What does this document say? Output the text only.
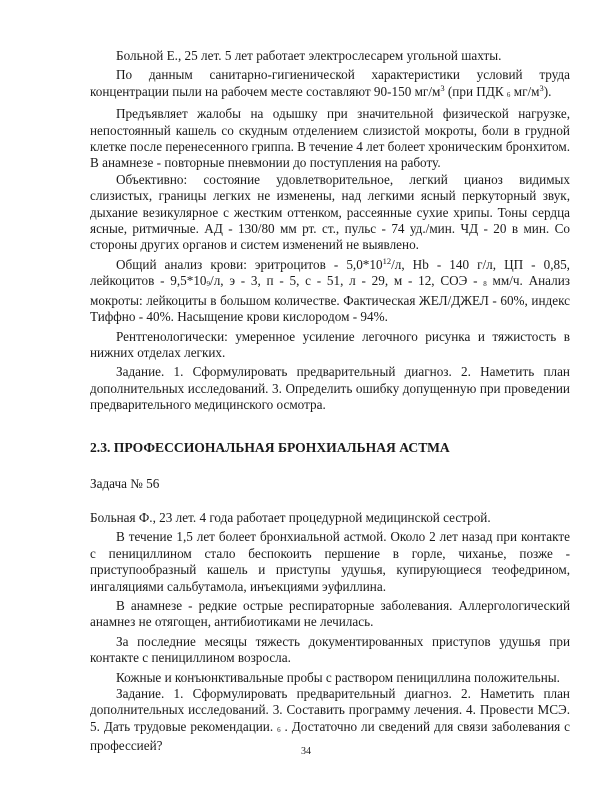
Больной Е., 25 лет. 5 лет работает электрослесарем угольной шахты.

По данным санитарно-гигиенической характеристики условий труда концентрации пыли на рабочем месте составляют 90-150 $мг/м^3$ (при ПДК 6 $мг/м^3$).

Предъявляет жалобы на одышку при значительной физической нагрузке, непостоянный кашель со скудным отделением слизистой мокроты, боли в грудной клетке после перенесенного гриппа. В течение 4 лет болеет хроническим бронхитом. В анамнезе - повторные пневмонии до поступления на работу.

Объективно: состояние удовлетворительное, легкий цианоз видимых слизистых, границы легких не изменены, над легкими ясный перкуторный звук, дыхание везикулярное с жестким оттенком, рассеянные сухие хрипы. Тоны сердца ясные, ритмичные. АД - 130/80 мм рт. ст., пульс - 74 уд./мин. ЧД - 20 в мин. Со стороны других органов и систем изменений не выявлено.

Общий анализ крови: эритроцитов - $5,0*10^{12}/л$, Hb - 140 г/л, ЦП - 0,85, лейкоцитов - 9,5*109/л, э - 3, п - 5, с - 51, л - 29, м - 12, СОЭ - 8 мм/ч. Анализ мокроты: лейкоциты в большом количестве. Фактическая ЖЕЛ/ДЖЕЛ - 60%, индекс Тиффно - 40%. Насыщение крови кислородом - 94%.

Рентгенологически: умеренное усиление легочного рисунка и тяжистость в нижних отделах легких.

Задание. 1. Сформулировать предварительный диагноз. 2. Наметить план дополнительных исследований. 3. Определить ошибку допущенную при проведении предварительного медицинского осмотра.

2.3. ПРОФЕССИОНАЛЬНАЯ БРОНХИАЛЬНАЯ АСТМА

Задача № 56

Больная Ф., 23 лет. 4 года работает процедурной медицинской сестрой.

В течение 1,5 лет болеет бронхиальной астмой. Около 2 лет назад при контакте с пенициллином стало беспокоить першение в горле, чиханье, позже - приступообразный кашель и приступы удушья, купирующиеся теофедрином, ингаляциями сальбутамола, инъекциями эуфиллина.

В анамнезе - редкие острые респираторные заболевания. Аллергологический анамнез не отягощен, антибиотиками не лечилась.

За последние месяцы тяжесть документированных приступов удушья при контакте с пенициллином возросла.

Кожные и конъюнктивальные пробы с раствором пенициллина положительны.

Задание. 1. Сформулировать предварительный диагноз. 2. Наметить план дополнительных исследований. 3. Составить программу лечения. 4. Провести МСЭ. 5. Дать трудовые рекомендации. 6 . Достаточно ли сведений для связи заболевания с профессией?	34
